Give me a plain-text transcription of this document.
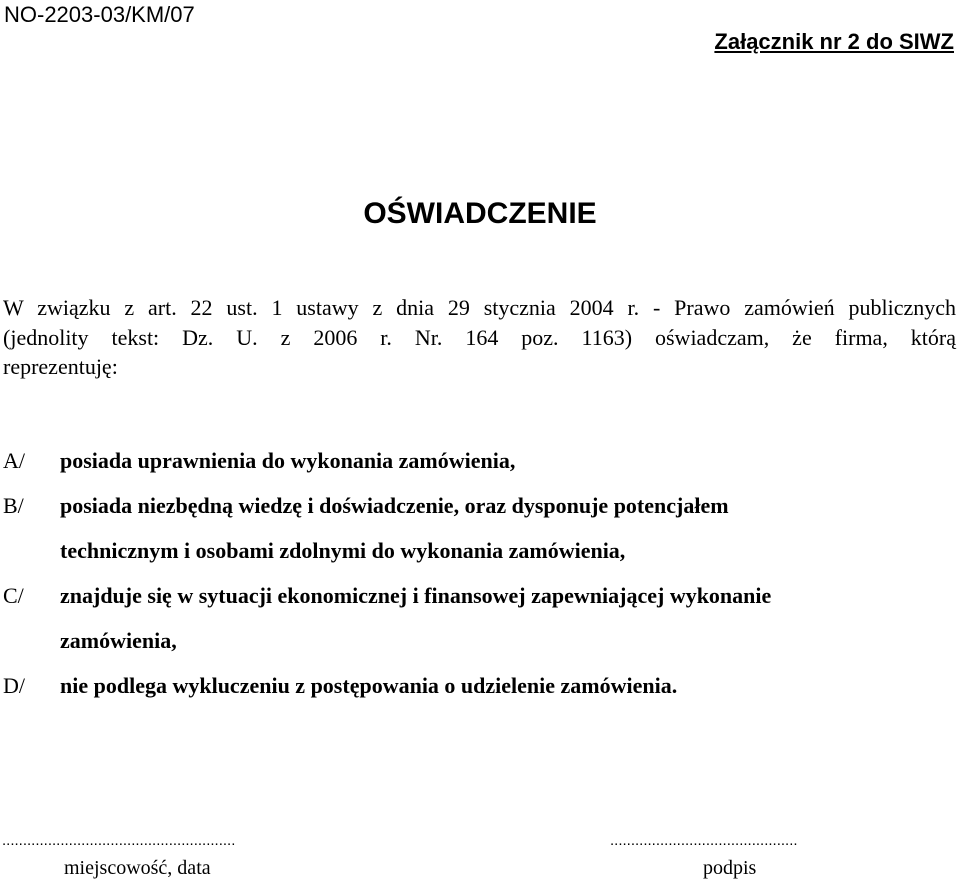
NO-2203-03/KM/07
Załącznik nr 2 do SIWZ
OŚWIADCZENIE
W związku z art. 22 ust. 1 ustawy z dnia 29 stycznia 2004 r. - Prawo zamówień publicznych
(jednolity tekst: Dz. U. z 2006 r. Nr. 164 poz. 1163) oświadczam, że firma, którą
reprezentuję:
A/	posiada uprawnienia do wykonania zamówienia,
B/	posiada niezbędną wiedzę i doświadczenie, oraz dysponuje potencjałem
technicznym i osobami zdolnymi do wykonania zamówienia,
C/	znajduje się w sytuacji ekonomicznej i finansowej zapewniającej wykonanie
zamówienia,
D/	nie podlega wykluczeniu z postępowania o udzielenie zamówienia.
........................................................	.............................................
miejscowość, data	podpis
